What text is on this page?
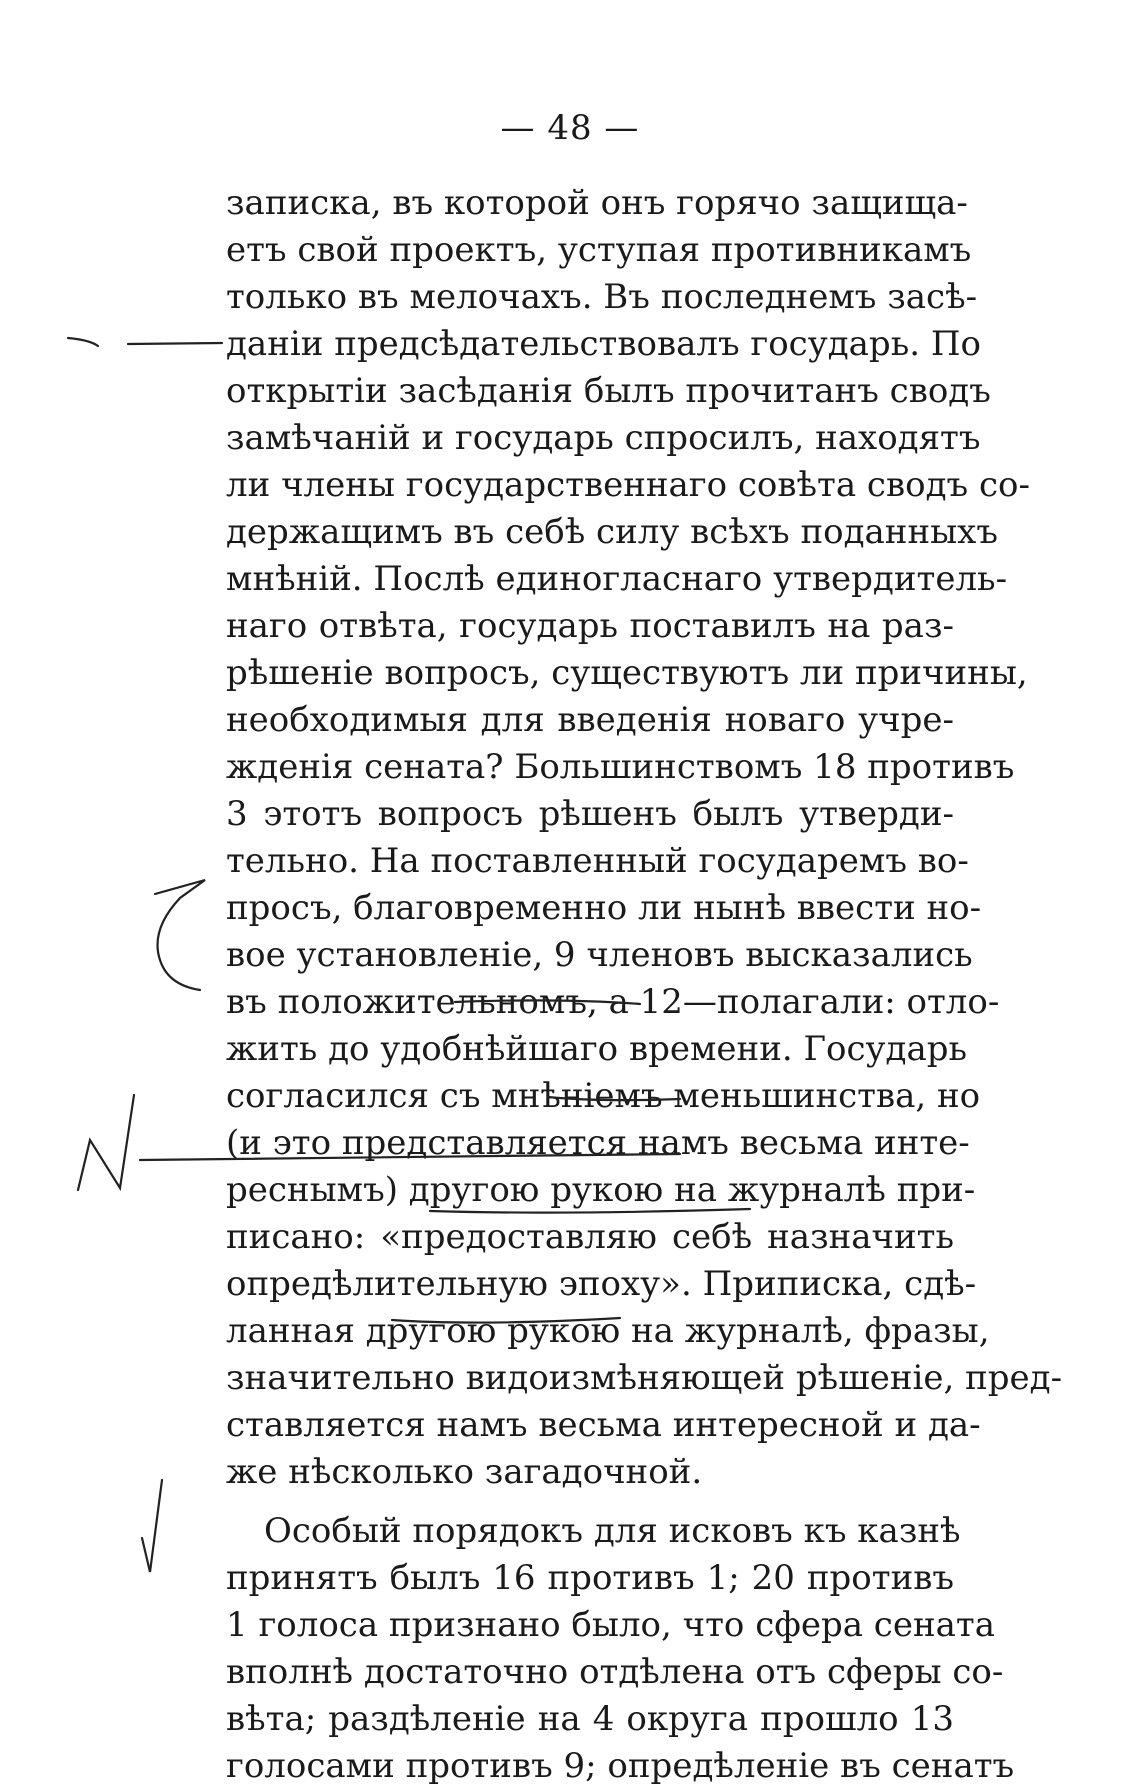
— 48 —
записка, въ которой онъ горячо защища-
етъ свой проектъ, уступая противникамъ
только въ мелочахъ. Въ последнемъ засѣ-
даніи предсѣдательствовалъ государь. По
открытіи засѣданія былъ прочитанъ сводъ
замѣчаній и государь спросилъ, находятъ
ли члены государственнаго совѣта сводъ со-
держащимъ въ себѣ силу всѣхъ поданныхъ
мнѣній. Послѣ единогласнаго утвердитель-
наго отвѣта, государь поставилъ на раз-
рѣшеніе вопросъ, существуютъ ли причины,
необходимыя для введенія новаго учре-
жденія сената? Большинствомъ 18 противъ
3 этотъ вопросъ рѣшенъ былъ утверди-
тельно. На поставленный государемъ во-
просъ, благовременно ли нынѣ ввести но-
вое установленіе, 9 членовъ высказались
въ положительномъ, а 12—полагали: отло-
жить до удобнѣйшаго времени. Государь
согласился съ мнѣніемъ меньшинства, но
(и это представляется намъ весьма инте-
реснымъ) другою рукою на журналѣ при-
писано: «предоставляю себѣ назначить
опредѣлительную эпоху». Приписка, сдѣ-
ланная другою рукою на журналѣ, фразы,
значительно видоизмѣняющей рѣшеніе, пред-
ставляется намъ весьма интересной и да-
же нѣсколько загадочной.
Особый порядокъ для исковъ къ казнѣ
принятъ былъ 16 противъ 1; 20 противъ
1 голоса признано было, что сфера сената
вполнѣ достаточно отдѣлена отъ сферы со-
вѣта; раздѣленіе на 4 округа прошло 13
голосами противъ 9; опредѣленіе въ сенатъ
